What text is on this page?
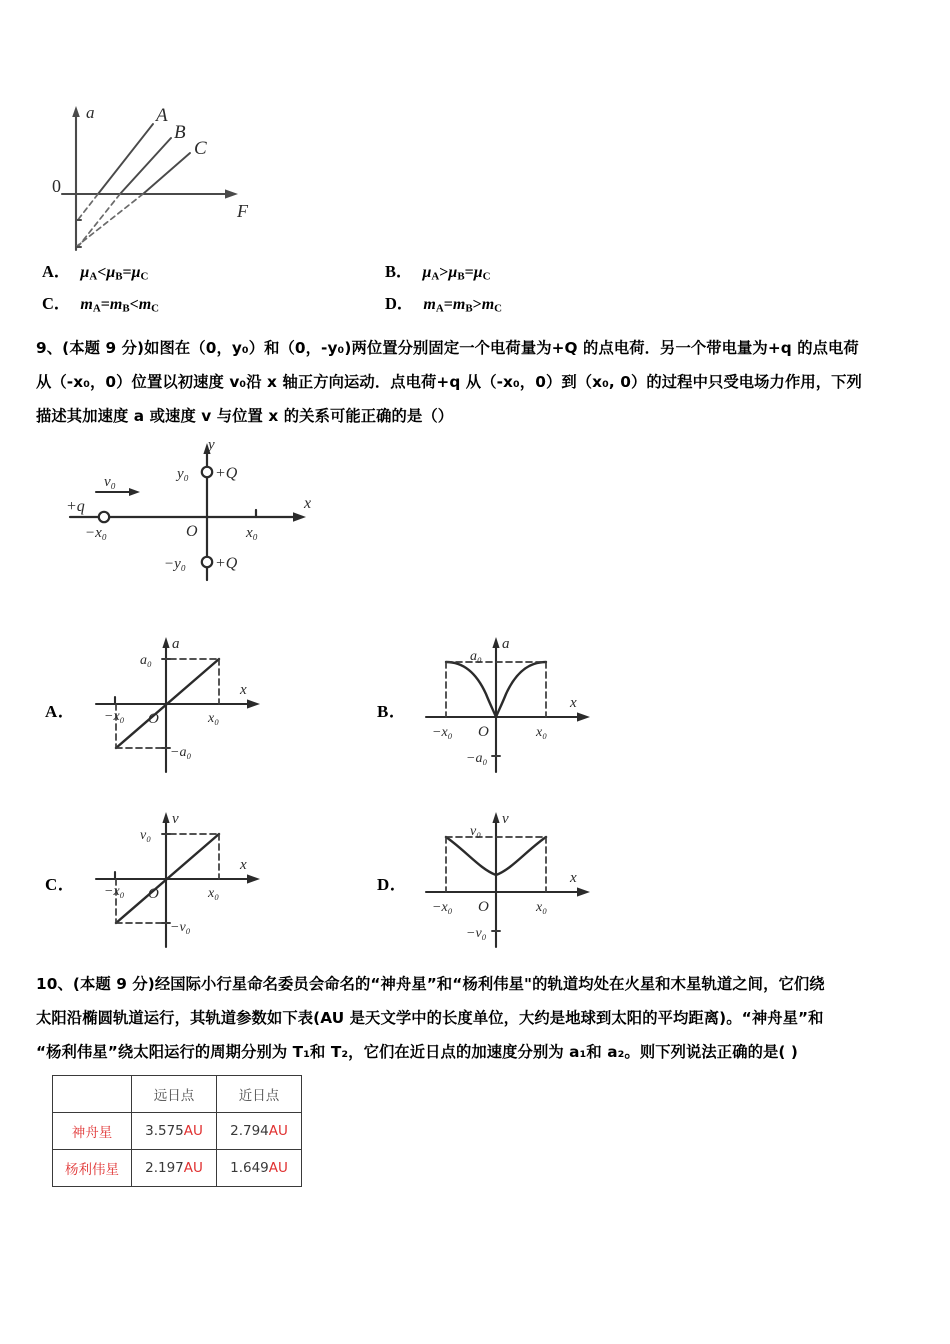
a
0
F
A
B
C
A． $\mu_A<\mu_B=\mu_C$	B． $\mu_A>\mu_B=\mu_C$
C． $m_A=m_B<m_C$	D． $m_A=m_B>m_C$
9、(本题 9 分)如图在（0，y₀）和（0，-y₀)两位置分别固定一个电荷量为+Q 的点电荷．另一个带电量为+q 的点电荷
从（-x₀，0）位置以初速度 v₀沿 x 轴正方向运动．点电荷+q 从（-x₀，0）到（x₀, 0）的过程中只受电场力作用，下列
描述其加速度 a 或速度 v 与位置 x 的关系可能正确的是（）
y
x
O
y₀ +Q
−y₀ +Q
+q
v₀
−x₀	x₀
A．
a
x
O
a₀
−a₀
−x₀	x₀	B．
a
x
O
a₀
−a₀
−x₀	x₀
C．
v
x
O
v₀
−v₀
−x₀	x₀	D．
v
x
O
v₀
−v₀
−x₀	x₀
10、(本题 9 分)经国际小行星命名委员会命名的“神舟星”和“杨利伟星"的轨道均处在火星和木星轨道之间，它们绕
太阳沿椭圆轨道运行，其轨道参数如下表(AU 是天文学中的长度单位，大约是地球到太阳的平均距离)。“神舟星”和
“杨利伟星”绕太阳运行的周期分别为 T₁和 T₂，它们在近日点的加速度分别为 a₁和 a₂。则下列说法正确的是( )
	远日点	近日点
神舟星	3.575AU	2.794AU
杨利伟星	2.197AU	1.649AU
